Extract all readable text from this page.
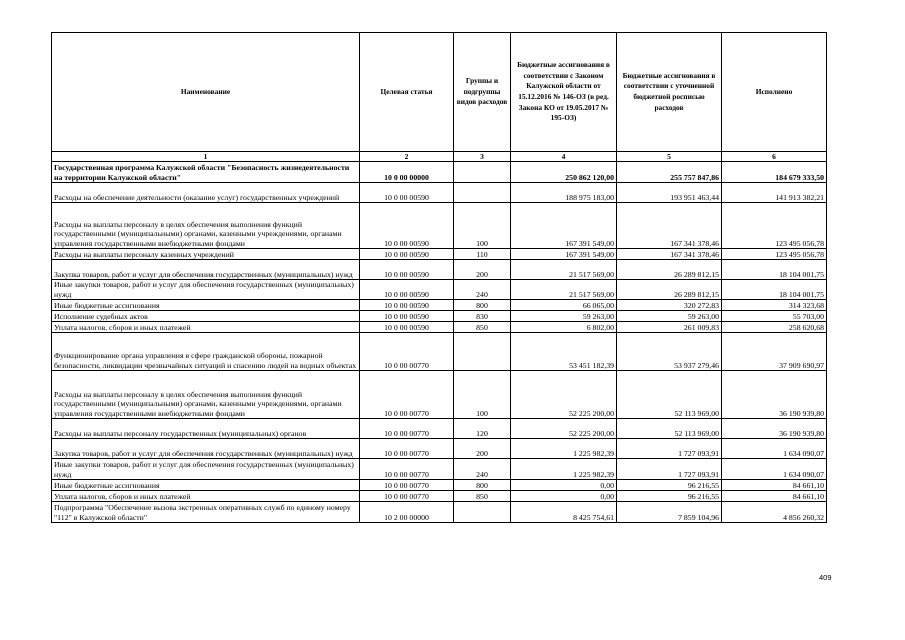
Наименование	Целевая статья	Группы и подгруппы видов расходов	Бюджетные ассигнования в соответствии с Законом Калужской области от 15.12.2016 № 146-ОЗ (в ред. Закона КО от 19.05.2017 № 195-ОЗ)	Бюджетные ассигнования в соответствии с уточненной бюджетной росписью расходов	Исполнено
1	2	3	4	5	6
Государственная программа Калужской области "Безопасность жизнедеятельности на территории Калужской области"	10 0 00 00000		250 862 120,00	255 757 847,86	184 679 333,50
Расходы на обеспечение деятельности (оказание услуг) государственных учреждений	10 0 00 00590		188 975 183,00	193 951 463,44	141 913 382,21
Расходы на выплаты персоналу в целях обеспечения выполнения функций государственными (муниципальными) органами, казенными учреждениями, органами управления государственными внебюджетными фондами	10 0 00 00590	100	167 391 549,00	167 341 378,46	123 495 056,78
Расходы на выплаты персоналу казенных учреждений	10 0 00 00590	110	167 391 549,00	167 341 378,46	123 495 056,78
Закупка товаров, работ и услуг для обеспечения государственных (муниципальных) нужд	10 0 00 00590	200	21 517 569,00	26 289 812,15	18 104 001,75
Иные закупки товаров, работ и услуг для обеспечения государственных (муниципальных) нужд	10 0 00 00590	240	21 517 569,00	26 289 812,15	18 104 001,75
Иные бюджетные ассигнования	10 0 00 00590	800	66 065,00	320 272,83	314 323,68
Исполнение судебных актов	10 0 00 00590	830	59 263,00	59 263,00	55 703,00
Уплата налогов, сборов и иных платежей	10 0 00 00590	850	6 802,00	261 009,83	258 620,68
Функционирование органа управления в сфере гражданской обороны, пожарной безопасности, ликвидации чрезвычайных ситуаций и спасению людей на водных объектах	10 0 00 00770		53 451 182,39	53 937 279,46	37 909 690,97
Расходы на выплаты персоналу в целях обеспечения выполнения функций государственными (муниципальными) органами, казенными учреждениями, органами управления государственными внебюджетными фондами	10 0 00 00770	100	52 225 200,00	52 113 969,00	36 190 939,80
Расходы на выплаты персоналу государственных (муниципальных) органов	10 0 00 00770	120	52 225 200,00	52 113 969,00	36 190 939,80
Закупка товаров, работ и услуг для обеспечения государственных (муниципальных) нужд	10 0 00 00770	200	1 225 982,39	1 727 093,91	1 634 090,07
Иные закупки товаров, работ и услуг для обеспечения государственных (муниципальных) нужд	10 0 00 00770	240	1 225 982,39	1 727 093,91	1 634 090,07
Иные бюджетные ассигнования	10 0 00 00770	800	0,00	96 216,55	84 661,10
Уплата налогов, сборов и иных платежей	10 0 00 00770	850	0,00	96 216,55	84 661,10
Подпрограмма "Обеспечение вызова экстренных оперативных служб по единому номеру "112" в Калужской области"	10 2 00 00000		8 425 754,61	7 859 104,96	4 856 260,32
409
